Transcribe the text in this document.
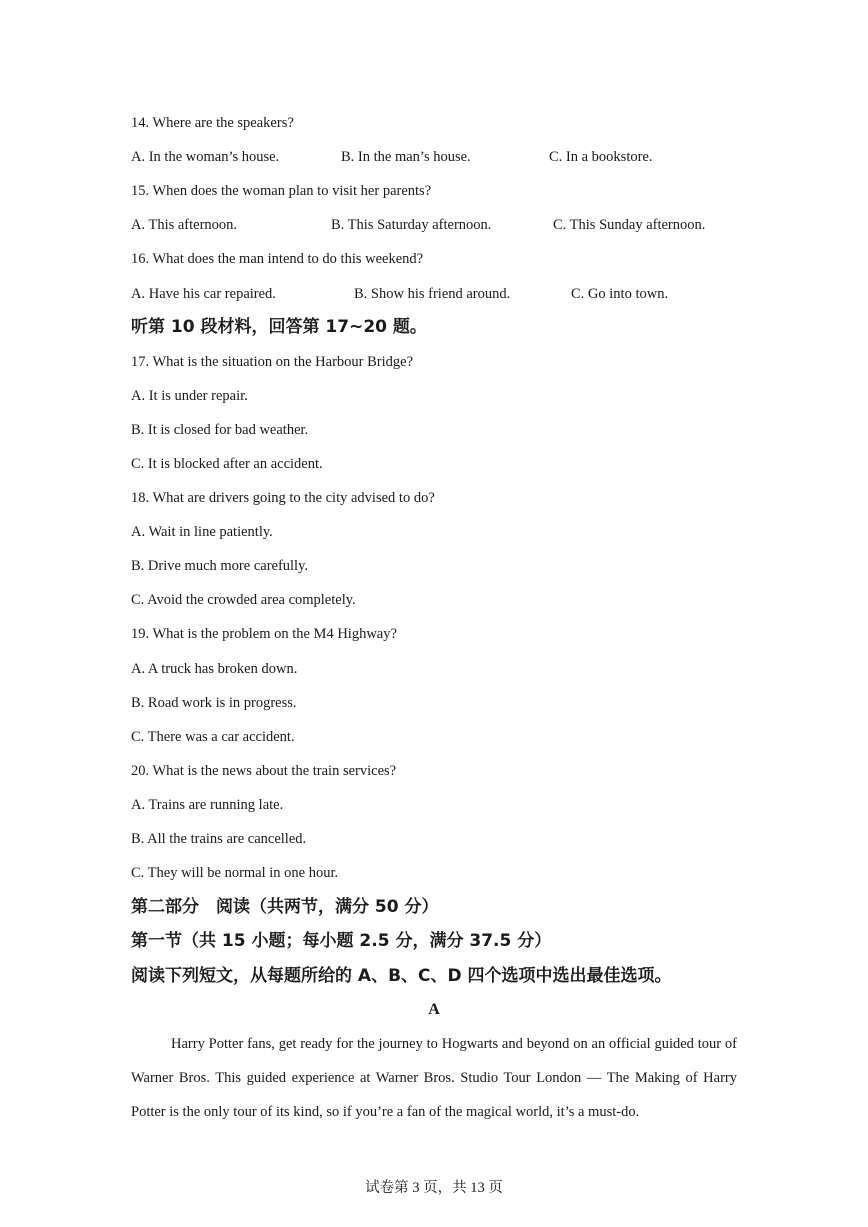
14. Where are the speakers?
A. In the woman’s house.	B. In the man’s house.	C. In a bookstore.
15. When does the woman plan to visit her parents?
A. This afternoon.	B. This Saturday afternoon.	C. This Sunday afternoon.
16. What does the man intend to do this weekend?
A. Have his car repaired.	B. Show his friend around.	C. Go into town.
听第 10 段材料，回答第 17~20 题。
17. What is the situation on the Harbour Bridge?
A. It is under repair.
B. It is closed for bad weather.
C. It is blocked after an accident.
18. What are drivers going to the city advised to do?
A. Wait in line patiently.
B. Drive much more carefully.
C. Avoid the crowded area completely.
19. What is the problem on the M4 Highway?
A. A truck has broken down.
B. Road work is in progress.
C. There was a car accident.
20. What is the news about the train services?
A. Trains are running late.
B. All the trains are cancelled.
C. They will be normal in one hour.
第二部分　阅读（共两节，满分 50 分）
第一节（共 15 小题；每小题 2.5 分，满分 37.5 分）
阅读下列短文，从每题所给的 A、B、C、D 四个选项中选出最佳选项。
A
Harry Potter fans, get ready for the journey to Hogwarts and beyond on an official guided tour of Warner Bros. This guided experience at Warner Bros. Studio Tour London — The Making of Harry Potter is the only tour of its kind, so if you’re a fan of the magical world, it’s a must-do.
试卷第 3 页，共 13 页
